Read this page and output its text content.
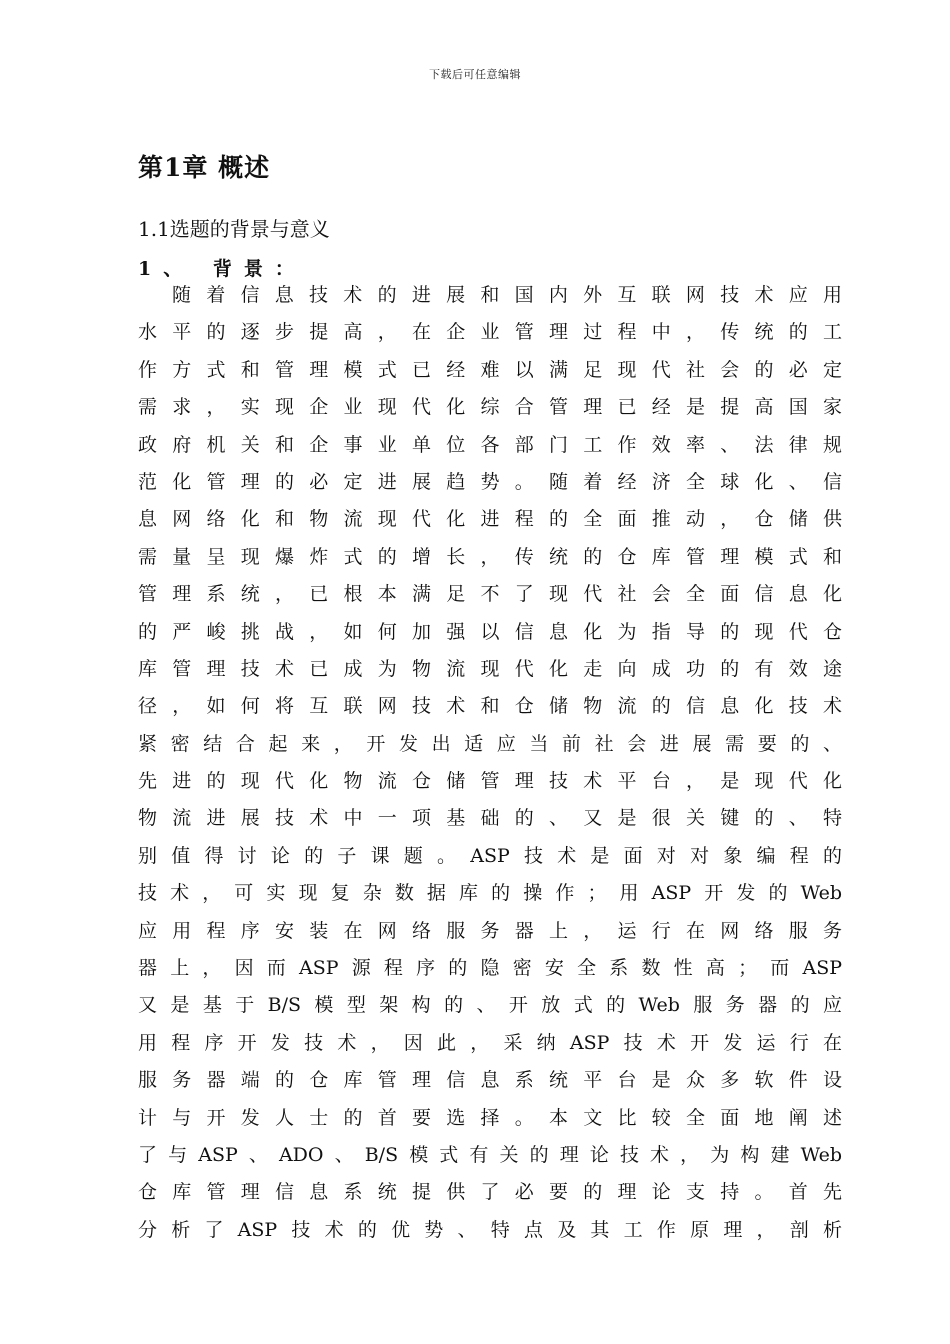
下载后可任意编辑
第1章 概述
1.1选题的背景与意义
1、 背景：
随着信息技术的进展和国内外互联网技术应用
水平的逐步提高，在企业管理过程中，传统的工
作方式和管理模式已经难以满足现代社会的必定
需求，实现企业现代化综合管理已经是提高国家
政府机关和企事业单位各部门工作效率、法律规
范化管理的必定进展趋势。随着经济全球化、信
息网络化和物流现代化进程的全面推动，仓储供
需量呈现爆炸式的增长，传统的仓库管理模式和
管理系统，已根本满足不了现代社会全面信息化
的严峻挑战，如何加强以信息化为指导的现代仓
库管理技术已成为物流现代化走向成功的有效途
径，如何将互联网技术和仓储物流的信息化技术
紧密结合起来，开发出适应当前社会进展需要的、
先进的现代化物流仓储管理技术平台，是现代化
物流进展技术中一项基础的、又是很关键的、特
别值得讨论的子课题。ASP技术是面对对象编程的
技术，可实现复杂数据库的操作；用ASP开发的Web
应用程序安装在网络服务器上，运行在网络服务
器上，因而ASP源程序的隐密安全系数性高；而ASP
又是基于B/S模型架构的、开放式的Web服务器的应
用程序开发技术，因此，采纳ASP技术开发运行在
服务器端的仓库管理信息系统平台是众多软件设
计与开发人士的首要选择。本文比较全面地阐述
了与ASP、ADO、B/S模式有关的理论技术，为构建Web
仓库管理信息系统提供了必要的理论支持。首先
分析了ASP技术的优势、特点及其工作原理，剖析
